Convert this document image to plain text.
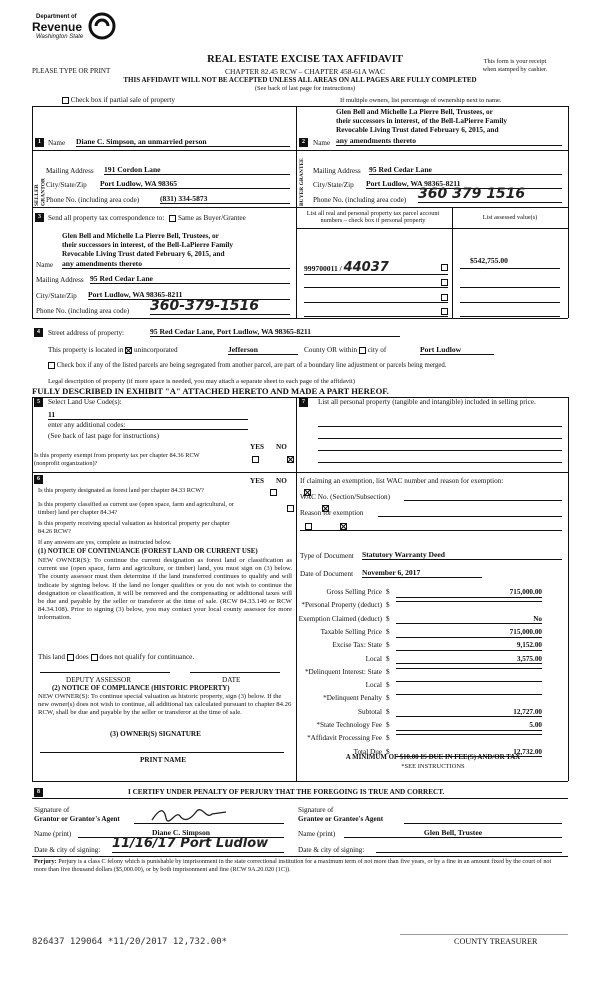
Department of
Revenue
Washington State
PLEASE TYPE OR PRINT
REAL ESTATE EXCISE TAX AFFIDAVIT
CHAPTER 82.45 RCW – CHAPTER 458-61A WAC
THIS AFFIDAVIT WILL NOT BE ACCEPTED UNLESS ALL AREAS ON ALL PAGES ARE FULLY COMPLETED
(See back of last page for instructions)
This form is your receipt
when stamped by cashier.
Check box if partial sale of property	If multiple owners, list percentage of ownership next to name.
Glen Bell and Michelle La Pierre Bell, Trustees, or
their successors in interest, of the Bell-LaPierre Family
Revocable Living Trust dated February 6, 2015, and
1 Name Diane C. Simpson, an unmarried person	2	Name any amendments thereto
SELLER GRANTOR	BUYER GRANTEE
Mailing Address 191 Cordon Lane
City/State/Zip Port Ludlow, WA 98365
Phone No. (including area code)	(831) 334-5873
Mailing Address 95 Red Cedar Lane
City/State/Zip Port Ludlow, WA 98365-8211
Phone No. (including area code) 360 379 1516
3 Send all property tax correspondence to: Same as Buyer/Grantee
List all real and personal property tax parcel account numbers – check box if personal property	List assessed value(s)
Glen Bell and Michelle La Pierre Bell, Trustees, or
their successors in interest, of the Bell-LaPierre Family
Revocable Living Trust dated February 6, 2015, and
Name any amendments thereto
Mailing Address 95 Red Cedar Lane
City/State/Zip Port Ludlow, WA 98365-8211
Phone No. (including area code) 360-379-1516
999700011 / 44037	$542,755.00
4	Street address of property:	95 Red Cedar Lane, Port Ludlow, WA 98365-8211
This property is located in unincorporated	Jefferson	County OR within city of	Port Ludlow
Check box if any of the listed parcels are being segregated from another parcel, are part of a boundary line adjustment or parcels being merged.
Legal description of property (if more space is needed, you may attach a separate sheet to each page of the affidavit)
FULLY DESCRIBED IN EXHIBIT "A" ATTACHED HERETO AND MADE A PART HEREOF.
5	Select Land Use Code(s):
11
enter any additional codes:
(See back of last page for instructions)
YES NO
Is this property exempt from property tax per chapter 84.36 RCW (nonprofit organization)?

7	List all personal property (tangible and intangible) included in selling price.
6	YES NO
Is this property designated as forest land per chapter 84.33 RCW?

Is this property classified as current use (open space, farm and agricultural, or timber) land per chapter 84.34?

Is this property receiving special valuation as historical property per chapter 84.26 RCW?

If any answers are yes, complete as instructed below.
(1) NOTICE OF CONTINUANCE (FOREST LAND OR CURRENT USE)
NEW OWNER(S): To continue the current designation as forest land or classification as current use (open space, farm and agriculture, or timber) land, you must sign on (3) below. The county assessor must then determine if the land transferred continues to qualify and will indicate by signing below. If the land no longer qualifies or you do not wish to continue the designation or classification, it will be removed and the compensating or additional taxes will be due and payable by the seller or transferor at the time of sale. (RCW 84.33.140 or RCW 84.34.108). Prior to signing (3) below, you may contact your local county assessor for more information.
This land does does not qualify for continuance.
DEPUTY ASSESSOR	DATE
(2) NOTICE OF COMPLIANCE (HISTORIC PROPERTY)
NEW OWNER(S): To continue special valuation as historic property, sign (3) below. If the new owner(s) does not wish to continue, all additional tax calculated pursuant to chapter 84.26 RCW, shall be due and payable by the seller or transferor at the time of sale.
(3) OWNER(S) SIGNATURE
PRINT NAME
If claiming an exemption, list WAC number and reason for exemption:
WAC No. (Section/Subsection)
Reason for exemption
Type of Document Statutory Warranty Deed
Date of Document November 6, 2017
Gross Selling Price $	715,000.00
*Personal Property (deduct) $
Exemption Claimed (deduct) $	No
Taxable Selling Price $	715,000.00
Excise Tax: State $	9,152.00
Local $	3,575.00
*Delinquent Interest: State $
Local $
*Delinquent Penalty $
Subtotal $	12,727.00
*State Technology Fee $	5.00
*Affidavit Processing Fee $
Total Due $	12,732.00
A MINIMUM OF $10.00 IS DUE IN FEE(S) AND/OR TAX
*SEE INSTRUCTIONS
8	I CERTIFY UNDER PENALTY OF PERJURY THAT THE FOREGOING IS TRUE AND CORRECT.
Signature of
Grantor or Grantor's Agent
Signature of
Grantee or Grantee's Agent
Name (print)	Diane C. Simpson	Name (print)	Glen Bell, Trustee
Date & city of signing: 11/16/17 Port Ludlow	Date & city of signing:
Perjury: Perjury is a class C felony which is punishable by imprisonment in the state correctional institution for a maximum term of not more than five years, or by a fine in an amount fixed by the court of not more than five thousand dollars ($5,000.00), or by both imprisonment and fine (RCW 9A.20.020 (1C)).
826437 129064 *11/20/2017 12,732.00*	COUNTY TREASURER
